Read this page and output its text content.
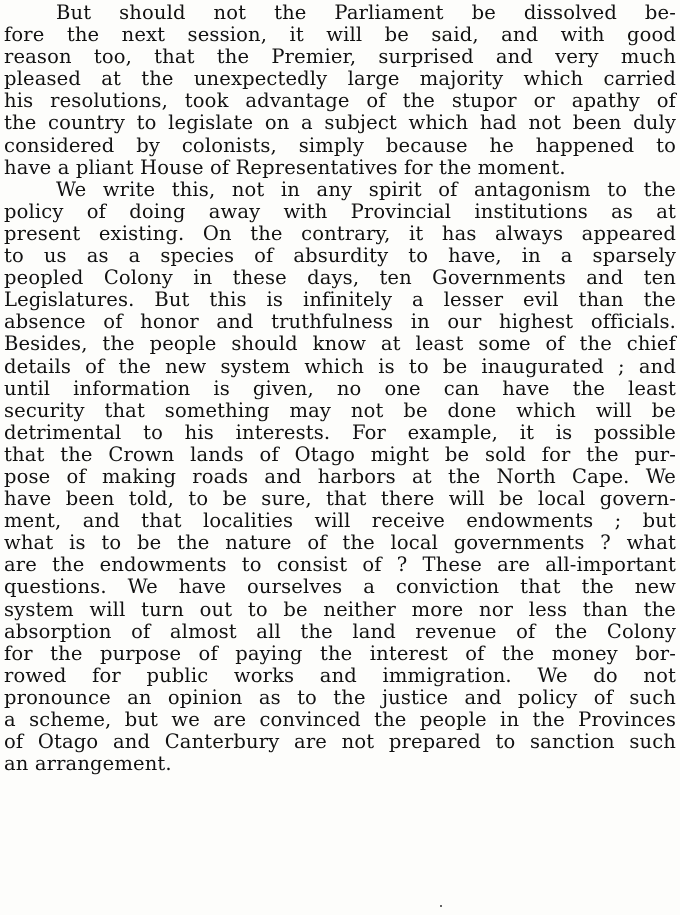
But should not the Parliament be dissolved be-
fore the next session, it will be said, and with good
reason too, that the Premier, surprised and very much
pleased at the unexpectedly large majority which carried
his resolutions, took advantage of the stupor or apathy of
the country to legislate on a subject which had not been duly
considered by colonists, simply because he happened to
have a pliant House of Representatives for the moment.
We write this, not in any spirit of antagonism to the
policy of doing away with Provincial institutions as at
present existing. On the contrary, it has always appeared
to us as a species of absurdity to have, in a sparsely
peopled Colony in these days, ten Governments and ten
Legislatures. But this is infinitely a lesser evil than the
absence of honor and truthfulness in our highest officials.
Besides, the people should know at least some of the chief
details of the new system which is to be inaugurated ; and
until information is given, no one can have the least
security that something may not be done which will be
detrimental to his interests. For example, it is possible
that the Crown lands of Otago might be sold for the pur-
pose of making roads and harbors at the North Cape. We
have been told, to be sure, that there will be local govern-
ment, and that localities will receive endowments ; but
what is to be the nature of the local governments ? what
are the endowments to consist of ? These are all-important
questions. We have ourselves a conviction that the new
system will turn out to be neither more nor less than the
absorption of almost all the land revenue of the Colony
for the purpose of paying the interest of the money bor-
rowed for public works and immigration. We do not
pronounce an opinion as to the justice and policy of such
a scheme, but we are convinced the people in the Provinces
of Otago and Canterbury are not prepared to sanction such
an arrangement.
